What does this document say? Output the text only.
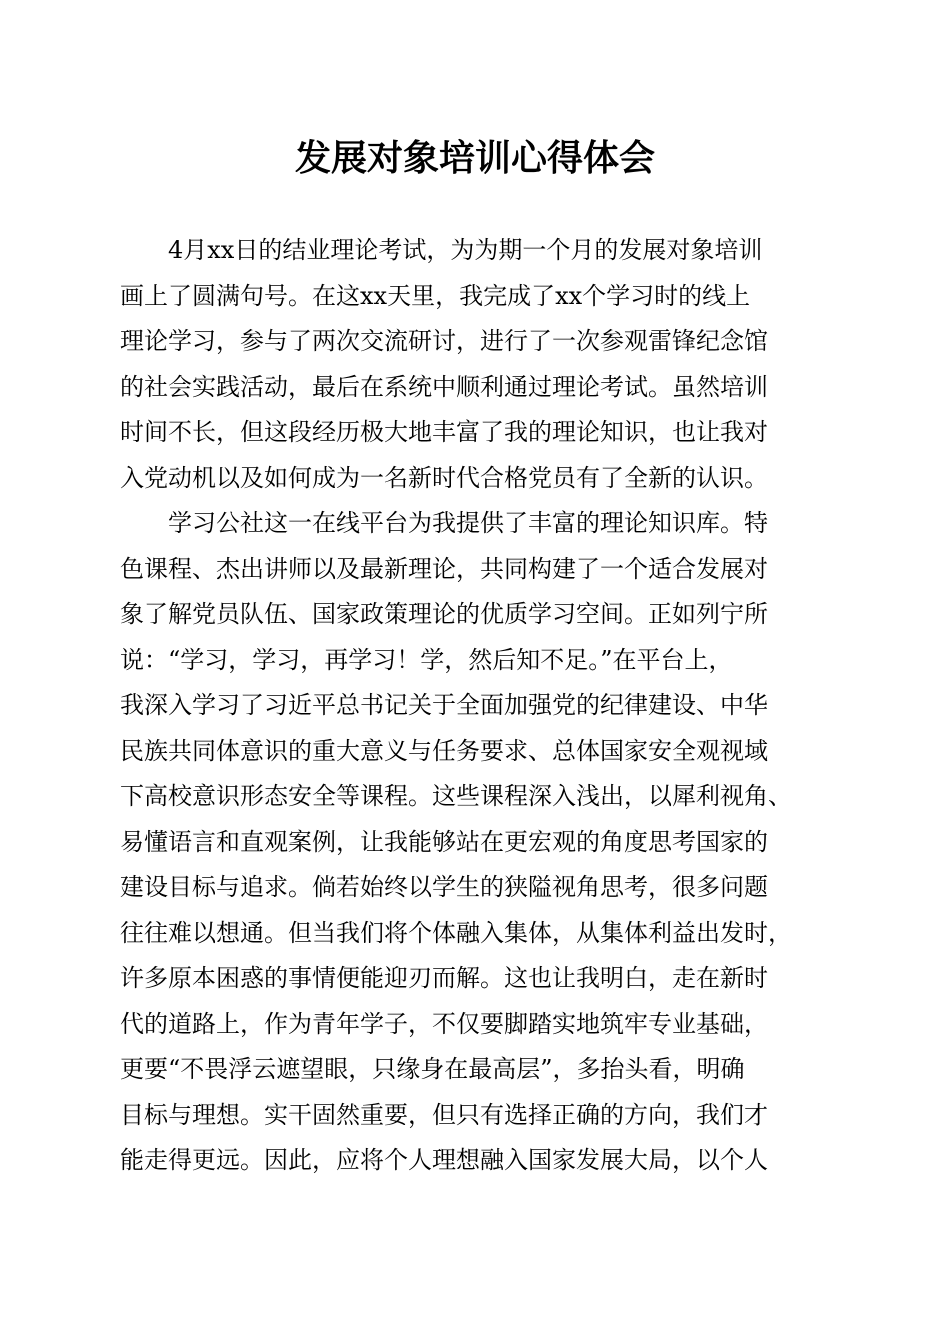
发展对象培训心得体会

　　4月xx日的结业理论考试，为为期一个月的发展对象培训

画上了圆满句号。在这xx天里，我完成了xx个学习时的线上

理论学习，参与了两次交流研讨，进行了一次参观雷锋纪念馆

的社会实践活动，最后在系统中顺利通过理论考试。虽然培训

时间不长，但这段经历极大地丰富了我的理论知识，也让我对

入党动机以及如何成为一名新时代合格党员有了全新的认识。

　　学习公社这一在线平台为我提供了丰富的理论知识库。特

色课程、杰出讲师以及最新理论，共同构建了一个适合发展对

象了解党员队伍、国家政策理论的优质学习空间。正如列宁所

说：“学习，学习，再学习！学，然后知不足。”在平台上，

我深入学习了习近平总书记关于全面加强党的纪律建设、中华

民族共同体意识的重大意义与任务要求、总体国家安全观视域

下高校意识形态安全等课程。这些课程深入浅出，以犀利视角、

易懂语言和直观案例，让我能够站在更宏观的角度思考国家的

建设目标与追求。倘若始终以学生的狭隘视角思考，很多问题

往往难以想通。但当我们将个体融入集体，从集体利益出发时，

许多原本困惑的事情便能迎刃而解。这也让我明白，走在新时

代的道路上，作为青年学子，不仅要脚踏实地筑牢专业基础，

更要“不畏浮云遮望眼，只缘身在最高层”，多抬头看，明确

目标与理想。实干固然重要，但只有选择正确的方向，我们才

能走得更远。因此，应将个人理想融入国家发展大局，以个人
